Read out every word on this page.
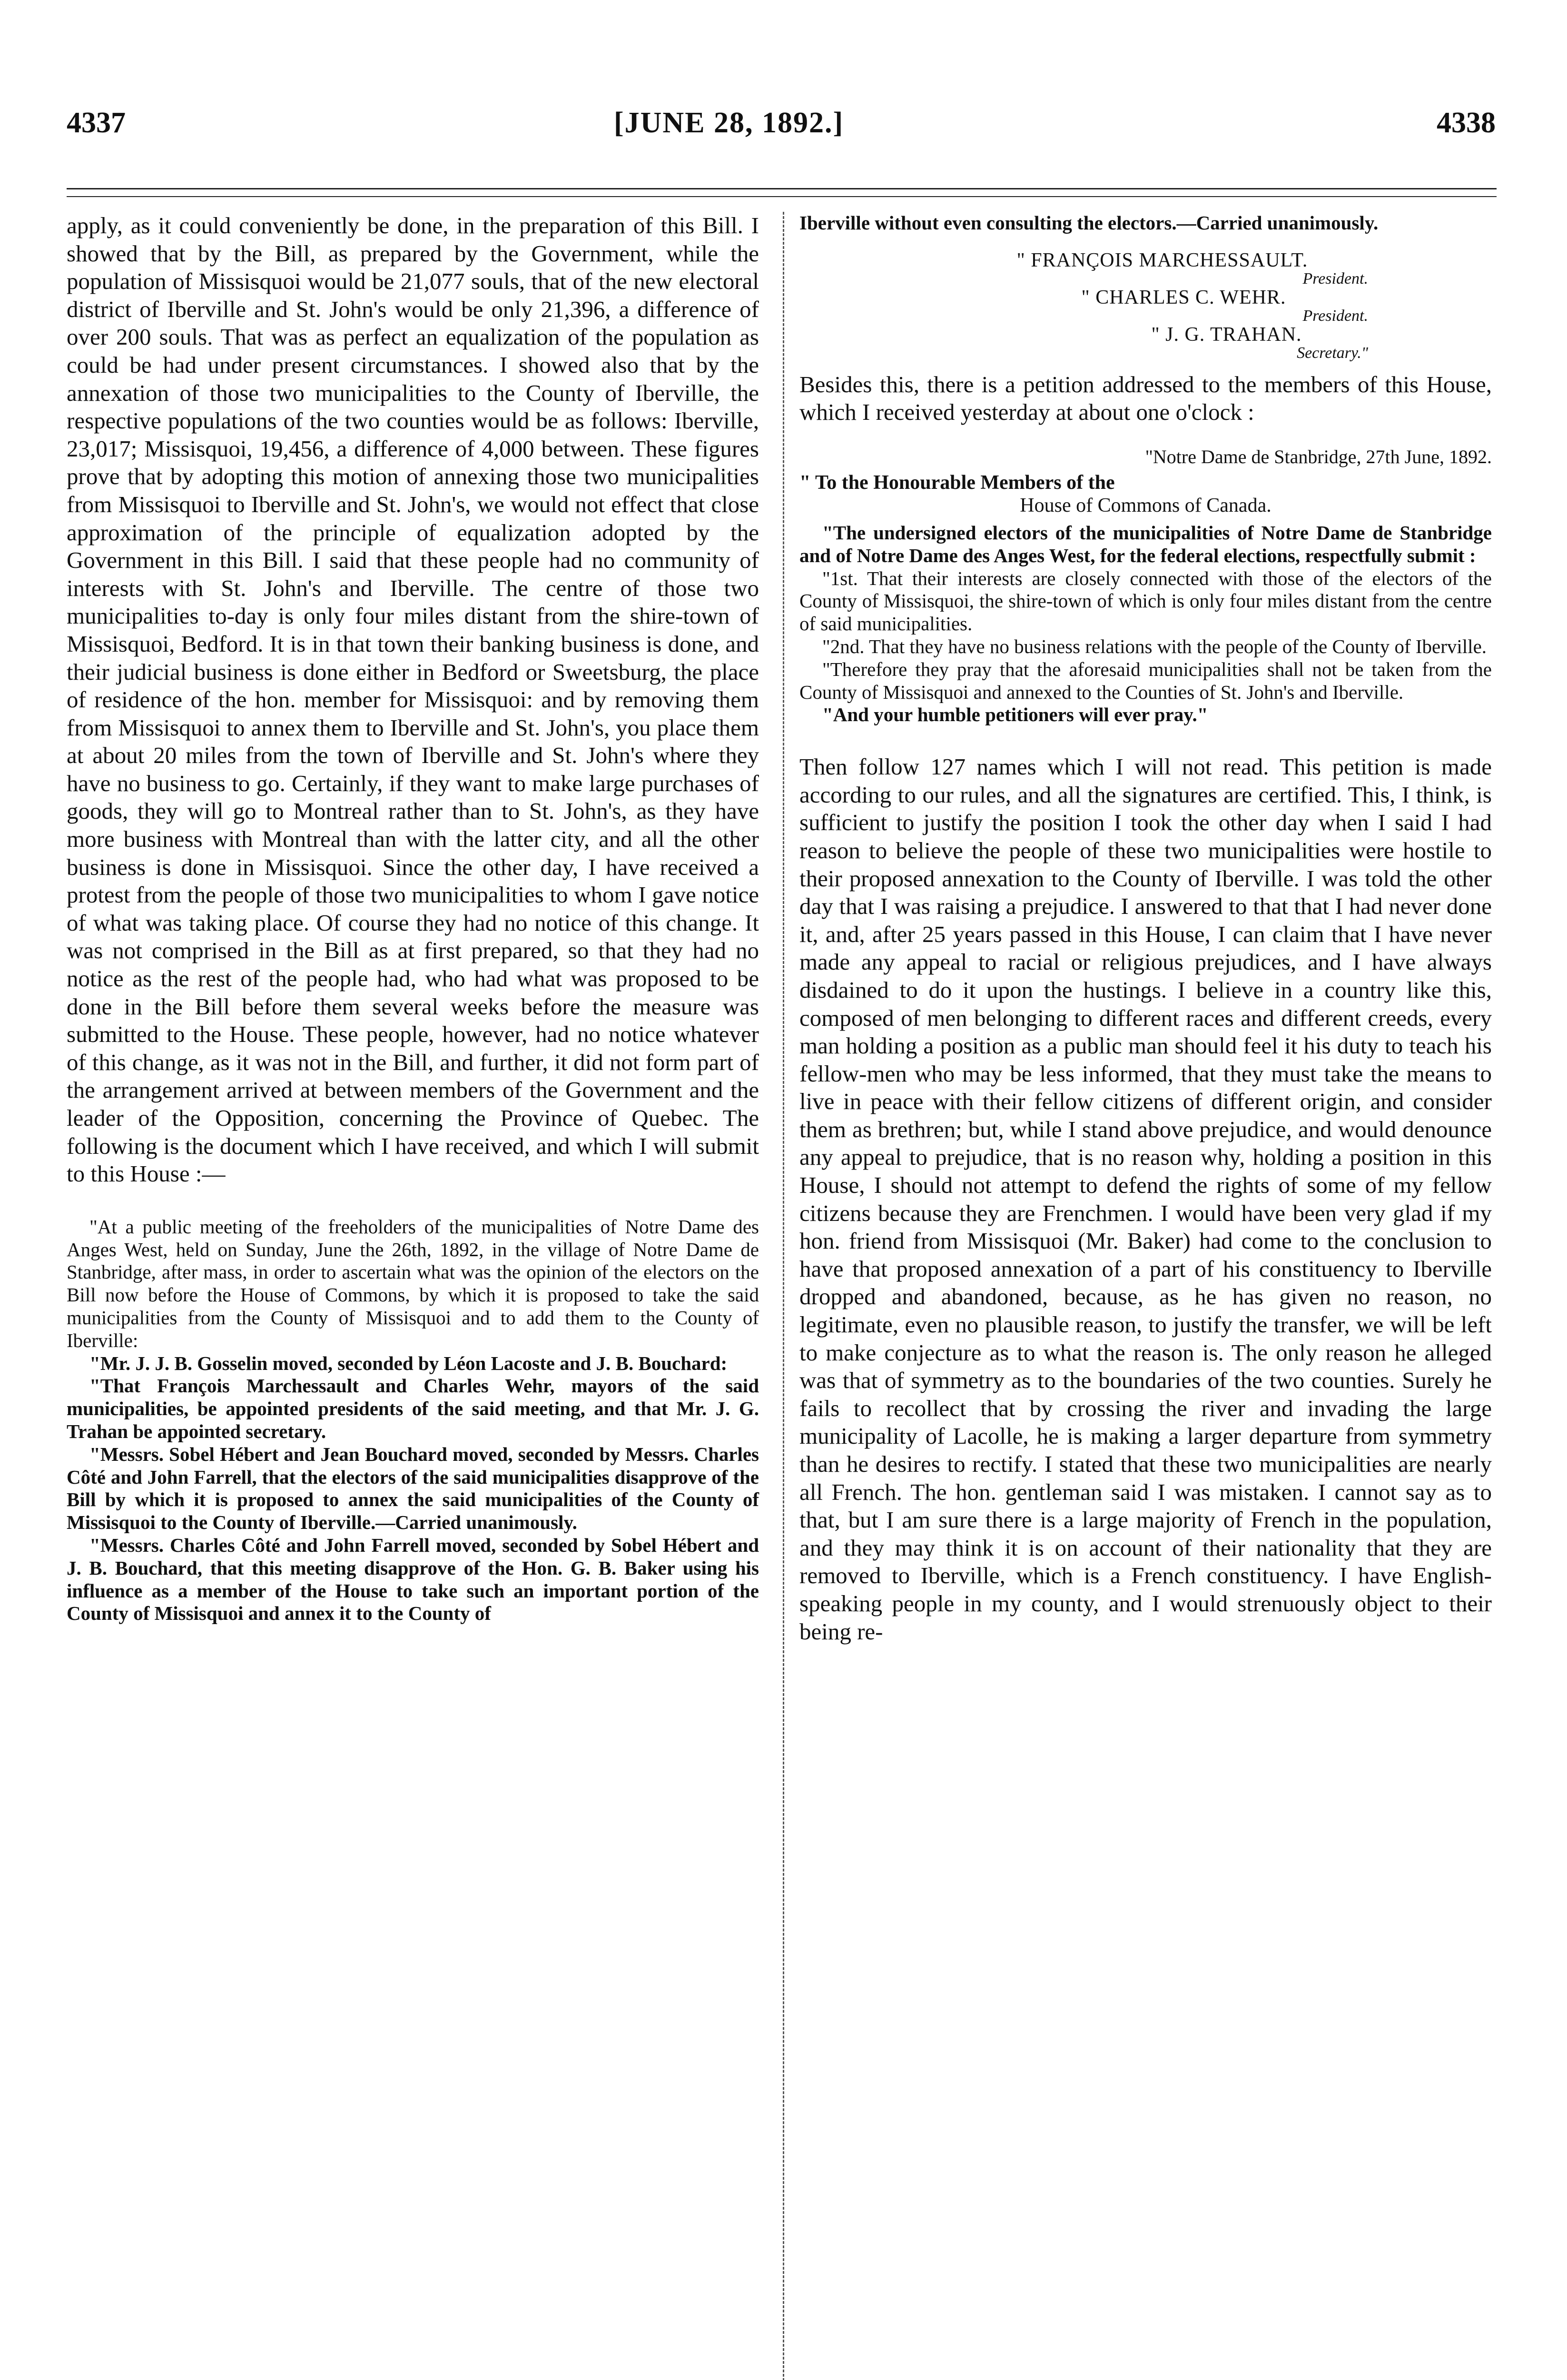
4337	[JUNE 28, 1892.]	4338

apply, as it could conveniently be done, in the preparation of this Bill. I showed that by the Bill, as prepared by the Government, while the population of Missisquoi would be 21,077 souls, that of the new electoral district of Iberville and St. John's would be only 21,396, a difference of over 200 souls. That was as perfect an equalization of the population as could be had under present circumstances. I showed also that by the annexation of those two municipalities to the County of Iberville, the respective populations of the two counties would be as follows: Iberville, 23,017; Missisquoi, 19,456, a difference of 4,000 between. These figures prove that by adopting this motion of annexing those two municipalities from Missisquoi to Iberville and St. John's, we would not effect that close approximation of the principle of equalization adopted by the Government in this Bill. I said that these people had no community of interests with St. John's and Iberville. The centre of those two municipalities to-day is only four miles distant from the shire-town of Missisquoi, Bedford. It is in that town their banking business is done, and their judicial business is done either in Bedford or Sweetsburg, the place of residence of the hon. member for Missisquoi: and by removing them from Missisquoi to annex them to Iberville and St. John's, you place them at about 20 miles from the town of Iberville and St. John's where they have no business to go. Certainly, if they want to make large purchases of goods, they will go to Montreal rather than to St. John's, as they have more business with Montreal than with the latter city, and all the other business is done in Missisquoi. Since the other day, I have received a protest from the people of those two municipalities to whom I gave notice of what was taking place. Of course they had no notice of this change. It was not comprised in the Bill as at first prepared, so that they had no notice as the rest of the people had, who had what was proposed to be done in the Bill before them several weeks before the measure was submitted to the House. These people, however, had no notice whatever of this change, as it was not in the Bill, and further, it did not form part of the arrangement arrived at between members of the Government and the leader of the Opposition, concerning the Province of Quebec. The following is the document which I have received, and which I will submit to this House :—

"At a public meeting of the freeholders of the municipalities of Notre Dame des Anges West, held on Sunday, June the 26th, 1892, in the village of Notre Dame de Stanbridge, after mass, in order to ascertain what was the opinion of the electors on the Bill now before the House of Commons, by which it is proposed to take the said municipalities from the County of Missisquoi and to add them to the County of Iberville:

"Mr. J. J. B. Gosselin moved, seconded by Léon Lacoste and J. B. Bouchard:

"That François Marchessault and Charles Wehr, mayors of the said municipalities, be appointed presidents of the said meeting, and that Mr. J. G. Trahan be appointed secretary.

"Messrs. Sobel Hébert and Jean Bouchard moved, seconded by Messrs. Charles Côté and John Farrell, that the electors of the said municipalities disapprove of the Bill by which it is proposed to annex the said municipalities of the County of Missisquoi to the County of Iberville.—Carried unanimously.

"Messrs. Charles Côté and John Farrell moved, seconded by Sobel Hébert and J. B. Bouchard, that this meeting disapprove of the Hon. G. B. Baker using his influence as a member of the House to take such an important portion of the County of Missisquoi and annex it to the County of

Iberville without even consulting the electors.—Carried unanimously.

" FRANÇOIS MARCHESSAULT.

President.

" CHARLES C. WEHR.

President.

" J. G. TRAHAN.

Secretary."

Besides this, there is a petition addressed to the members of this House, which I received yesterday at about one o'clock :

"Notre Dame de Stanbridge, 27th June, 1892.

" To the Honourable Members of the

House of Commons of Canada.

"The undersigned electors of the municipalities of Notre Dame de Stanbridge and of Notre Dame des Anges West, for the federal elections, respectfully submit :

"1st. That their interests are closely connected with those of the electors of the County of Missisquoi, the shire-town of which is only four miles distant from the centre of said municipalities.

"2nd. That they have no business relations with the people of the County of Iberville.

"Therefore they pray that the aforesaid municipalities shall not be taken from the County of Missisquoi and annexed to the Counties of St. John's and Iberville.

"And your humble petitioners will ever pray."

Then follow 127 names which I will not read. This petition is made according to our rules, and all the signatures are certified. This, I think, is sufficient to justify the position I took the other day when I said I had reason to believe the people of these two municipalities were hostile to their proposed annexation to the County of Iberville. I was told the other day that I was raising a prejudice. I answered to that that I had never done it, and, after 25 years passed in this House, I can claim that I have never made any appeal to racial or religious prejudices, and I have always disdained to do it upon the hustings. I believe in a country like this, composed of men belonging to different races and different creeds, every man holding a position as a public man should feel it his duty to teach his fellow-men who may be less informed, that they must take the means to live in peace with their fellow citizens of different origin, and consider them as brethren; but, while I stand above prejudice, and would denounce any appeal to prejudice, that is no reason why, holding a position in this House, I should not attempt to defend the rights of some of my fellow citizens because they are Frenchmen. I would have been very glad if my hon. friend from Missisquoi (Mr. Baker) had come to the conclusion to have that proposed annexation of a part of his constituency to Iberville dropped and abandoned, because, as he has given no reason, no legitimate, even no plausible reason, to justify the transfer, we will be left to make conjecture as to what the reason is. The only reason he alleged was that of symmetry as to the boundaries of the two counties. Surely he fails to recollect that by crossing the river and invading the large municipality of Lacolle, he is making a larger departure from symmetry than he desires to rectify. I stated that these two municipalities are nearly all French. The hon. gentleman said I was mistaken. I cannot say as to that, but I am sure there is a large majority of French in the population, and they may think it is on account of their nationality that they are removed to Iberville, which is a French constituency. I have English-speaking people in my county, and I would strenuously object to their being re-
